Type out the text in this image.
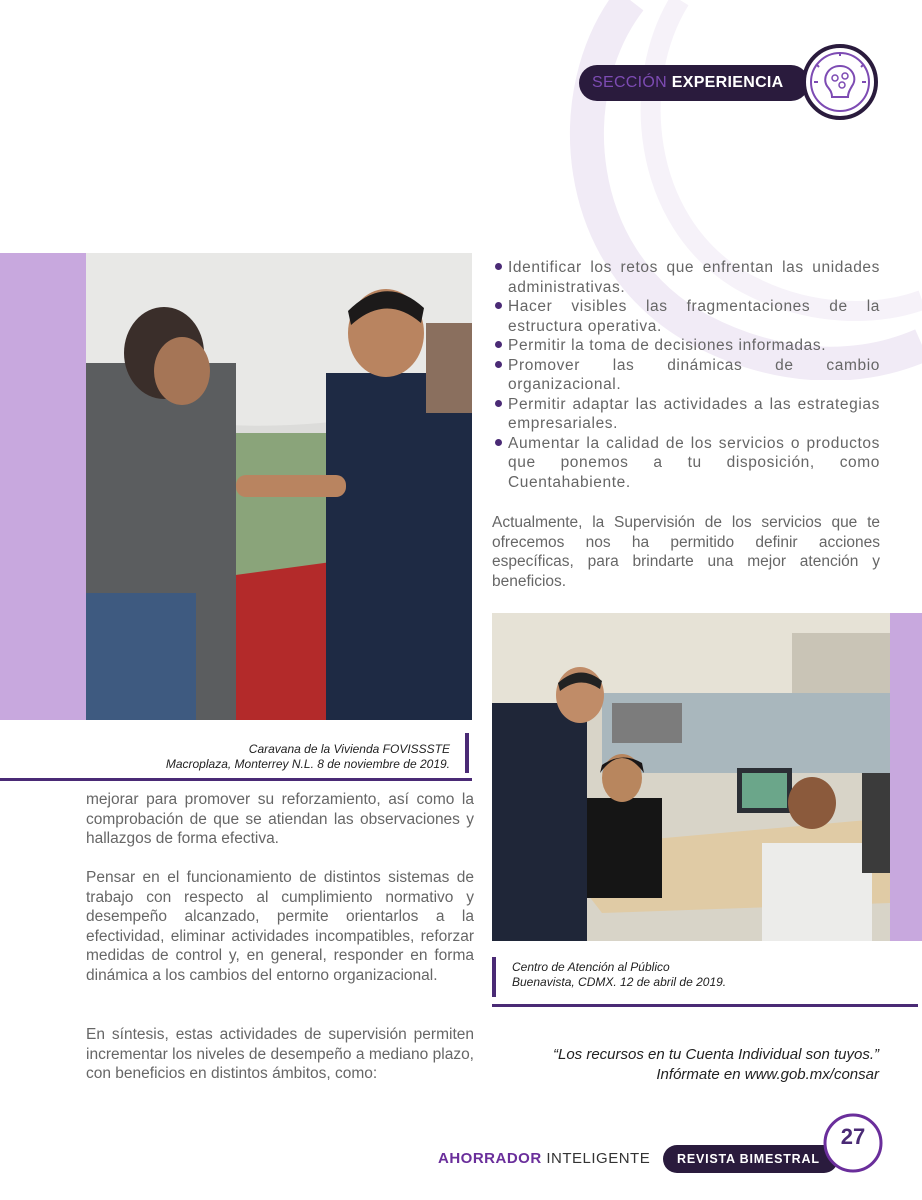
SECCIÓN EXPERIENCIA
Caravana de la Vivienda FOVISSSTE
Macroplaza, Monterrey N.L. 8 de noviembre de 2019.

mejorar para promover su reforzamiento, así como la comprobación de que se atiendan las observaciones y hallazgos de forma efectiva.

Pensar en el funcionamiento de distintos sistemas de trabajo con respecto al cumplimiento normativo y desempeño alcanzado, permite orientarlos a la efectividad, eliminar actividades incompatibles, reforzar medidas de control y, en general, responder en forma dinámica a los cambios del entorno organizacional.

En síntesis, estas actividades de supervisión permiten incrementar los niveles de desempeño a mediano plazo, con beneficios en distintos ámbitos, como:

Identificar los retos que enfrentan las unidades administrativas.
Hacer visibles las fragmentaciones de la estructura operativa.
Permitir la toma de decisiones informadas.
Promover las dinámicas de cambio organizacional.
Permitir adaptar las actividades a las estrategias empresariales.
Aumentar la calidad de los servicios o productos que ponemos a tu disposición, como Cuentahabiente.

Actualmente, la Supervisión de los servicios que te ofrecemos nos ha permitido definir acciones específicas, para brindarte una mejor atención y beneficios.

Centro de Atención al Público
Buenavista, CDMX. 12 de abril de 2019.
“Los recursos en tu Cuenta Individual son tuyos.”
Infórmate en www.gob.mx/consar
AHORRADOR INTELIGENTE	REVISTA BIMESTRAL
27
